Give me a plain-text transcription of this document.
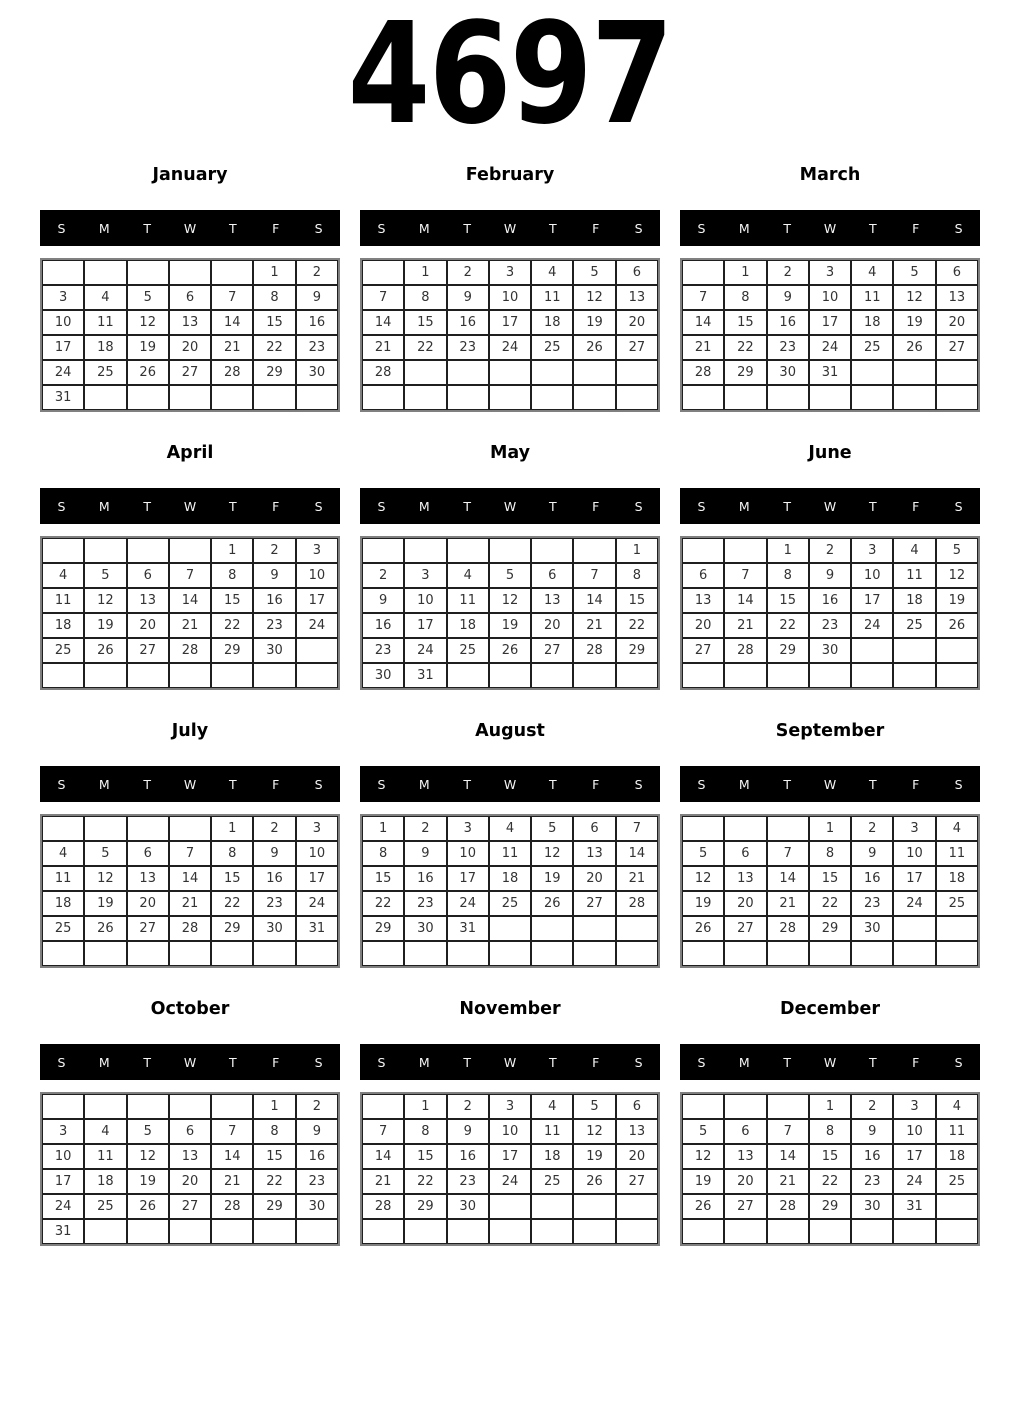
4697
January
S	M	T	W	T	F	S
					1	2
3	4	5	6	7	8	9
10	11	12	13	14	15	16
17	18	19	20	21	22	23
24	25	26	27	28	29	30
31						
February
S	M	T	W	T	F	S
	1	2	3	4	5	6
7	8	9	10	11	12	13
14	15	16	17	18	19	20
21	22	23	24	25	26	27
28						

March
S	M	T	W	T	F	S
	1	2	3	4	5	6
7	8	9	10	11	12	13
14	15	16	17	18	19	20
21	22	23	24	25	26	27
28	29	30	31			

April
S	M	T	W	T	F	S
				1	2	3
4	5	6	7	8	9	10
11	12	13	14	15	16	17
18	19	20	21	22	23	24
25	26	27	28	29	30	

May
S	M	T	W	T	F	S
						1
2	3	4	5	6	7	8
9	10	11	12	13	14	15
16	17	18	19	20	21	22
23	24	25	26	27	28	29
30	31					
June
S	M	T	W	T	F	S
		1	2	3	4	5
6	7	8	9	10	11	12
13	14	15	16	17	18	19
20	21	22	23	24	25	26
27	28	29	30			

July
S	M	T	W	T	F	S
				1	2	3
4	5	6	7	8	9	10
11	12	13	14	15	16	17
18	19	20	21	22	23	24
25	26	27	28	29	30	31

August
S	M	T	W	T	F	S
1	2	3	4	5	6	7
8	9	10	11	12	13	14
15	16	17	18	19	20	21
22	23	24	25	26	27	28
29	30	31				

September
S	M	T	W	T	F	S
			1	2	3	4
5	6	7	8	9	10	11
12	13	14	15	16	17	18
19	20	21	22	23	24	25
26	27	28	29	30		

October
S	M	T	W	T	F	S
					1	2
3	4	5	6	7	8	9
10	11	12	13	14	15	16
17	18	19	20	21	22	23
24	25	26	27	28	29	30
31						
November
S	M	T	W	T	F	S
	1	2	3	4	5	6
7	8	9	10	11	12	13
14	15	16	17	18	19	20
21	22	23	24	25	26	27
28	29	30				

December
S	M	T	W	T	F	S
			1	2	3	4
5	6	7	8	9	10	11
12	13	14	15	16	17	18
19	20	21	22	23	24	25
26	27	28	29	30	31	
